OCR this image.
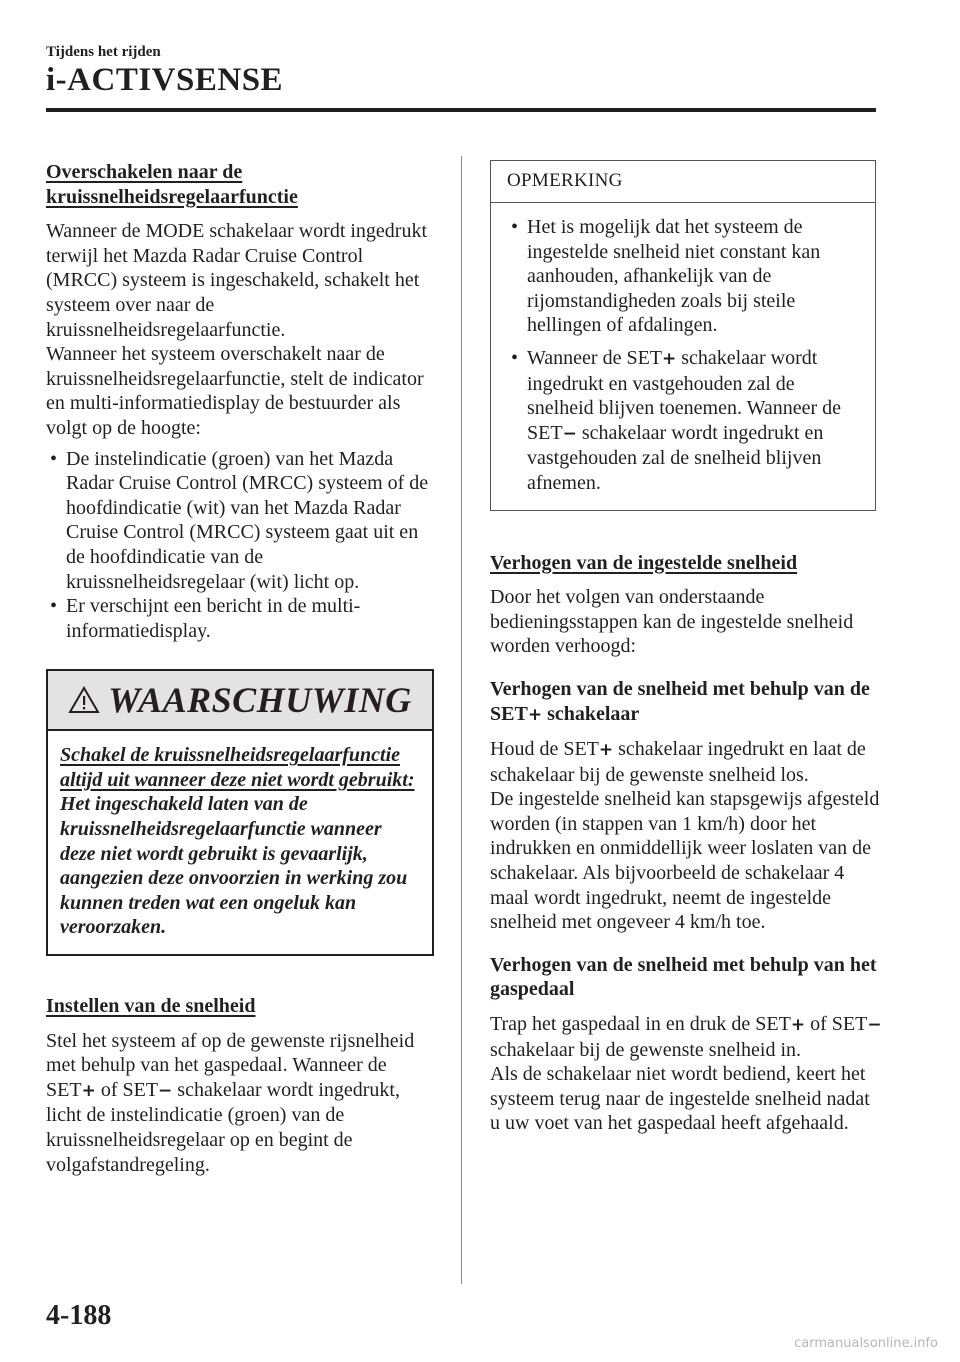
Tijdens het rijden
i-ACTIVSENSE
Overschakelen naar de
kruissnelheidsregelaarfunctie

Wanneer de MODE schakelaar wordt ingedrukt terwijl het Mazda Radar Cruise Control (MRCC) systeem is ingeschakeld, schakelt het systeem over naar de kruissnelheidsregelaarfunctie.
Wanneer het systeem overschakelt naar de kruissnelheidsregelaarfunctie, stelt de indicator en multi-informatiedisplay de bestuurder als volgt op de hoogte:

• De instelindicatie (groen) van het Mazda Radar Cruise Control (MRCC) systeem of de hoofdindicatie (wit) van het Mazda Radar Cruise Control (MRCC) systeem gaat uit en de hoofdindicatie van de kruissnelheidsregelaar (wit) licht op.
• Er verschijnt een bericht in de multi-informatiedisplay.
WAARSCHUWING
Schakel de kruissnelheidsregelaarfunctie altijd uit wanneer deze niet wordt gebruikt:
Het ingeschakeld laten van de kruissnelheidsregelaarfunctie wanneer deze niet wordt gebruikt is gevaarlijk, aangezien deze onvoorzien in werking zou kunnen treden wat een ongeluk kan veroorzaken.
Instellen van de snelheid

Stel het systeem af op de gewenste rijsnelheid met behulp van het gaspedaal. Wanneer de SET+ of SET− schakelaar wordt ingedrukt, licht de instelindicatie (groen) van de kruissnelheidsregelaar op en begint de volgafstandregeling.

OPMERKING
• Het is mogelijk dat het systeem de ingestelde snelheid niet constant kan aanhouden, afhankelijk van de rijomstandigheden zoals bij steile hellingen of afdalingen.
• Wanneer de SET+ schakelaar wordt ingedrukt en vastgehouden zal de snelheid blijven toenemen. Wanneer de SET− schakelaar wordt ingedrukt en vastgehouden zal de snelheid blijven afnemen.
Verhogen van de ingestelde snelheid

Door het volgen van onderstaande bedieningsstappen kan de ingestelde snelheid worden verhoogd:

Verhogen van de snelheid met behulp van de SET+ schakelaar

Houd de SET+ schakelaar ingedrukt en laat de schakelaar bij de gewenste snelheid los.
De ingestelde snelheid kan stapsgewijs afgesteld worden (in stappen van 1 km/h) door het indrukken en onmiddellijk weer loslaten van de schakelaar. Als bijvoorbeeld de schakelaar 4 maal wordt ingedrukt, neemt de ingestelde snelheid met ongeveer 4 km/h toe.

Verhogen van de snelheid met behulp van het gaspedaal

Trap het gaspedaal in en druk de SET+ of SET− schakelaar bij de gewenste snelheid in.
Als de schakelaar niet wordt bediend, keert het systeem terug naar de ingestelde snelheid nadat u uw voet van het gaspedaal heeft afgehaald.

4-188
carmanualsonline.info
